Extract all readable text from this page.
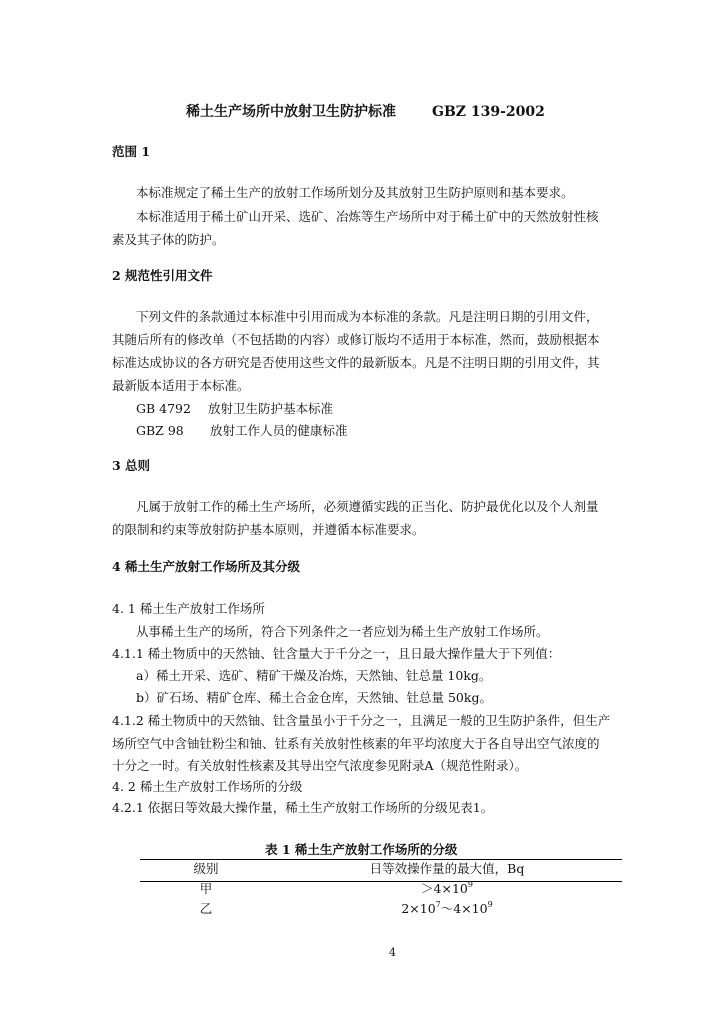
稀土生产场所中放射卫生防护标准	GBZ 139-2002
范围 1
本标准规定了稀土生产的放射工作场所划分及其放射卫生防护原则和基本要求。
本标准适用于稀土矿山开采、选矿、冶炼等生产场所中对于稀土矿中的天然放射性核
素及其子体的防护。
2 规范性引用文件
下列文件的条款通过本标准中引用而成为本标准的条款。凡是注明日期的引用文件，
其随后所有的修改单（不包括勘的内容）或修订版均不适用于本标准，然而，鼓励根据本
标准达成协议的各方研究是否使用这些文件的最新版本。凡是不注明日期的引用文件，其
最新版本适用于本标准。
GB 4792 放射卫生防护基本标准
GBZ 98 放射工作人员的健康标准
3 总则
凡属于放射工作的稀土生产场所，必须遵循实践的正当化、防护最优化以及个人剂量
的限制和约束等放射防护基本原则，并遵循本标准要求。
4 稀土生产放射工作场所及其分级
4. 1 稀土生产放射工作场所
从事稀土生产的场所，符合下列条件之一者应划为稀土生产放射工作场所。
4.1.1 稀土物质中的天然铀、钍含量大于千分之一，且日最大操作量大于下列值：
a）稀土开采、选矿、精矿干燥及冶炼，天然铀、钍总量 10kg。
b）矿石场、精矿仓库、稀土合金仓库，天然铀、钍总量 50kg。
4.1.2 稀土物质中的天然铀、钍含量虽小于千分之一，且满足一般的卫生防护条件，但生产
场所空气中含铀钍粉尘和铀、钍系有关放射性核素的年平均浓度大于各自导出空气浓度的
十分之一时。有关放射性核素及其导出空气浓度参见附录A（规范性附录）。
4. 2 稀土生产放射工作场所的分级
4.2.1 依据日等效最大操作量，稀土生产放射工作场所的分级见表1。
表 1 稀土生产放射工作场所的分级
级别	日等效操作量的最大值，Bq
甲	$>4\times 10^9$
乙	$2\times 10^7\sim 4\times 10^9$
4
